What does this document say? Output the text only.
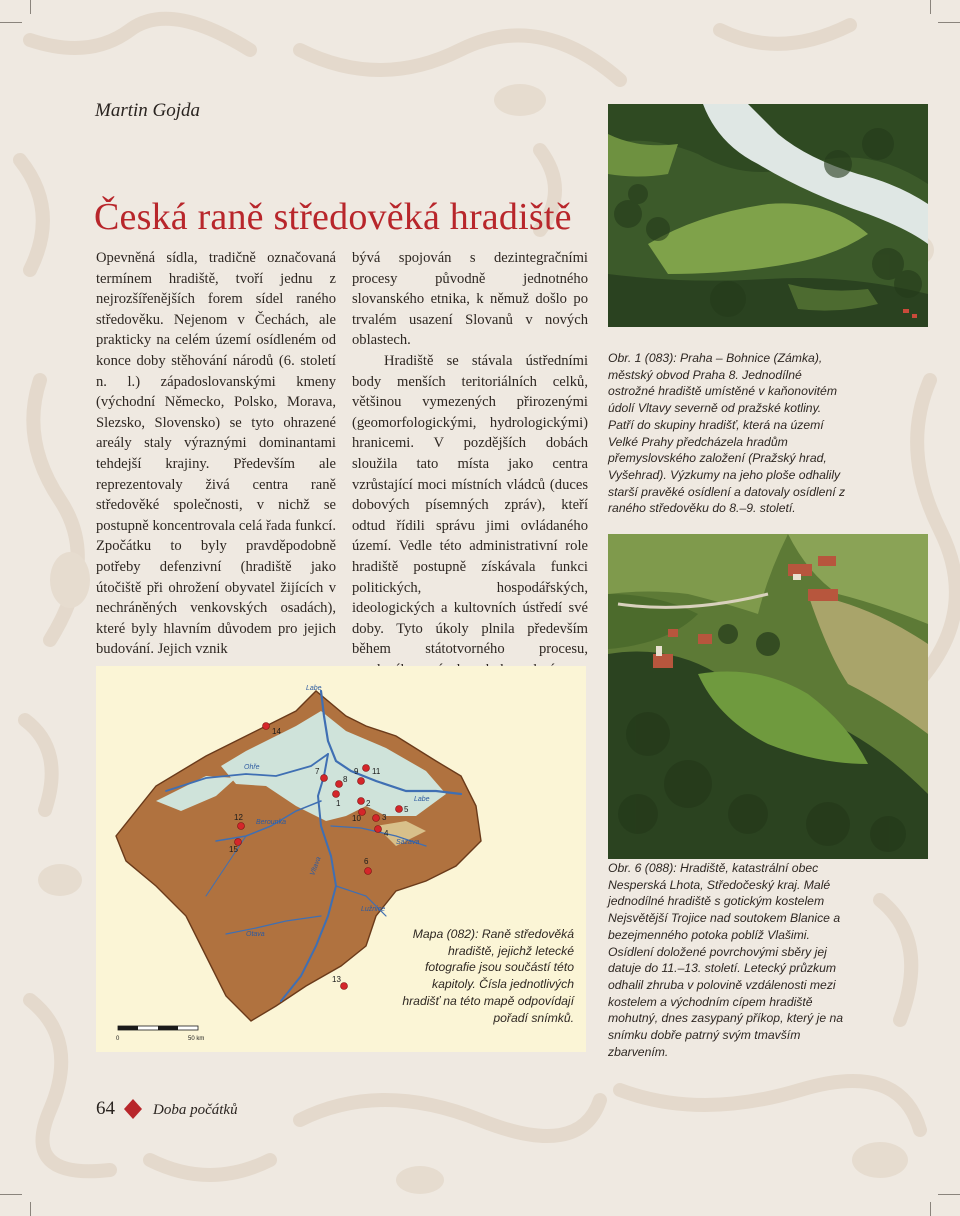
Martin Gojda
Česká raně středověká hradiště

Opevněná sídla, tradičně označovaná termínem hradiště, tvoří jednu z nejrozšířenějších forem sídel raného středověku. Nejenom v Čechách, ale prakticky na celém území osídleném od konce doby stěhování národů (6. století n. l.) západoslovanskými kmeny (východní Německo, Polsko, Morava, Slezsko, Slovensko) se tyto ohrazené areály staly výraznými dominantami tehdejší krajiny. Především ale reprezentovaly živá centra raně středověké společnosti, v nichž se postupně koncentrovala celá řada funkcí. Zpočátku to byly pravděpodobně potřeby defenzivní (hradiště jako útočiště při ohrožení obyvatel žijících v nechráněných venkovských osadách), které byly hlavním důvodem pro jejich budování. Jejich vznik

bývá spojován s dezintegračními procesy původně jednotného slovanského etnika, k němuž došlo po trvalém usazení Slovanů v nových oblastech.

Hradiště se stávala ústředními body menších teritoriálních celků, většinou vymezených přirozenými (geomorfologickými, hydrologickými) hranicemi. V pozdějších dobách sloužila tato místa jako centra vzrůstající moci místních vládců (duces dobových písemných zpráv), kteří odtud řídili správu jimi ovládaného území. Vedle této administrativní role hradiště postupně získávala funkci politických, hospodářských, ideologických a kultovních ústředí své doby. Tyto úkoly plnila především během státotvorného procesu,

Obr. 1 (083): Praha – Bohnice (Zámka), městský obvod Praha 8. Jednodílné ostrožné hradiště umístěné v kaňonovitém údolí Vltavy severně od pražské kotliny. Patří do skupiny hradišť, která na území Velké Prahy předcházela hradům přemyslovského založení (Pražský hrad, Vyšehrad). Výzkumy na jeho ploše odhalily starší pravěké osídlení a datovaly osídlení z raného středověku do 8.–9. století.
Obr. 6 (088): Hradiště, katastrální obec Nesperská Lhota, Středočeský kraj. Malé jednodílné hradiště s gotickým kostelem Nejsvětější Trojice nad soutokem Blanice a bezejmenného potoka poblíž Vlašimi. Osídlení doložené povrchovými sběry jej datuje do 11.–13. století. Letecký průzkum odhalil zhruba v polovině vzdálenosti mezi kostelem a východním cípem hradiště mohutný, dnes zasypaný příkop, který je na snímku dobře patrný svým tmavším zbarvením.
14
7
8
9 11
1	2
3
4
5
10
12
6
13
15
Labe
Ohře
Vltava
Sázava
Lužnice
Berounka
Labe
Otava
0	50 km
Mapa (082): Raně středověká hradiště, jejichž letecké fotografie jsou součástí této kapitoly. Čísla jednotlivých hradišť na této mapě odpovídají pořadí snímků.
64	Doba počátků
